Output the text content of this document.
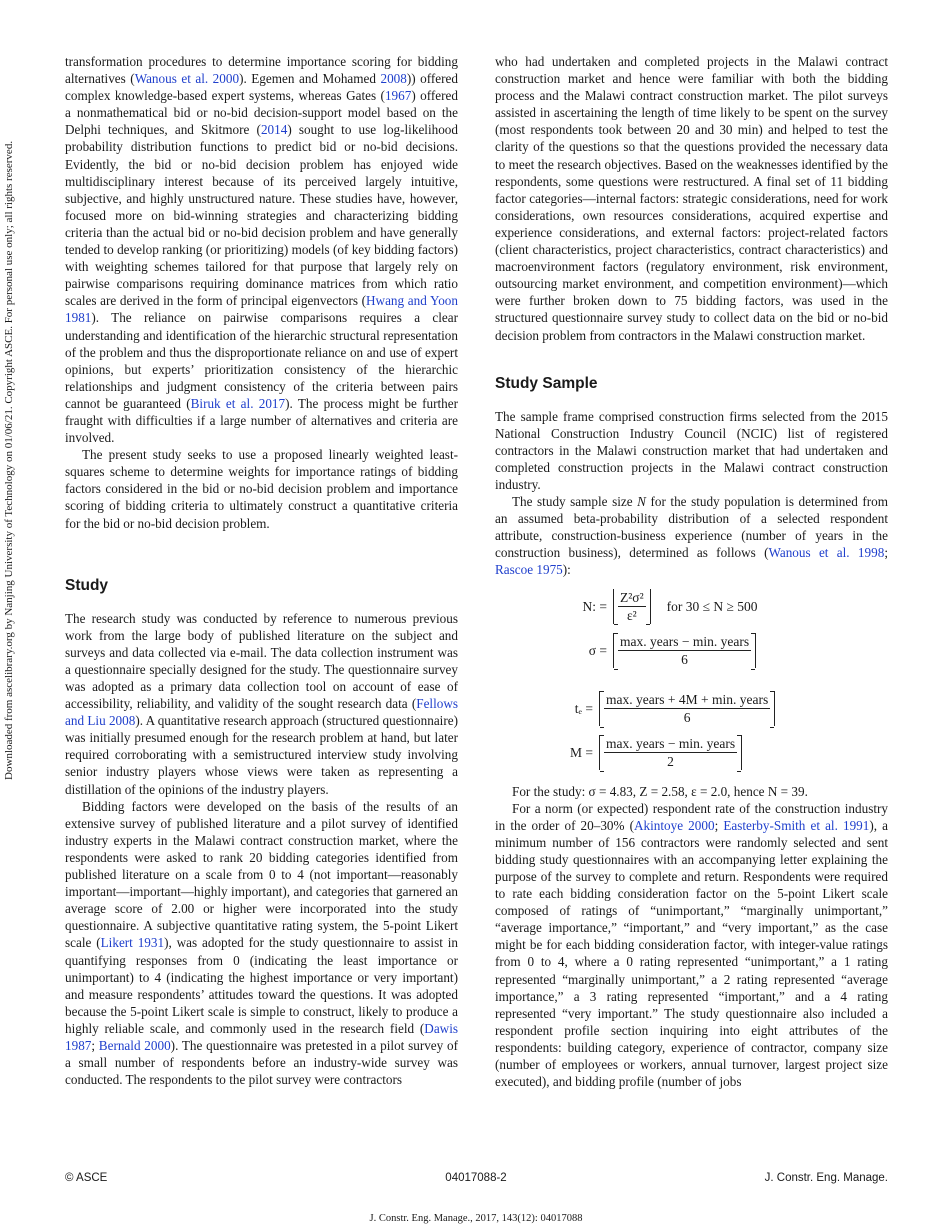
Downloaded from ascelibrary.org by Nanjing University of Technology on 01/06/21. Copyright ASCE. For personal use only; all rights reserved.

transformation procedures to determine importance scoring for bidding alternatives (Wanous et al. 2000). Egemen and Mohamed 2008)) offered complex knowledge-based expert systems, whereas Gates (1967) offered a nonmathematical bid or no-bid decision-support model based on the Delphi techniques, and Skitmore (2014) sought to use log-likelihood probability distribution functions to predict bid or no-bid decisions. Evidently, the bid or no-bid decision problem has enjoyed wide multidisciplinary interest because of its perceived largely intuitive, subjective, and highly unstructured nature. These studies have, however, focused more on bid-winning strategies and characterizing bidding criteria than the actual bid or no-bid decision problem and have generally tended to develop ranking (or prioritizing) models (of key bidding factors) with weighting schemes tailored for that purpose that largely rely on pairwise comparisons requiring dominance matrices from which ratio scales are derived in the form of principal eigenvectors (Hwang and Yoon 1981). The reliance on pairwise comparisons requires a clear understanding and identification of the hierarchic structural representation of the problem and thus the disproportionate reliance on and use of expert opinions, but experts’ prioritization consistency of the hierarchic relationships and judgment consistency of the criteria between pairs cannot be guaranteed (Biruk et al. 2017). The process might be further fraught with difficulties if a large number of alternatives and criteria are involved.

The present study seeks to use a proposed linearly weighted least-squares scheme to determine weights for importance ratings of bidding factors considered in the bid or no-bid decision problem and importance scoring of bidding criteria to ultimately construct a quantitative criteria for the bid or no-bid decision problem.

Study

The research study was conducted by reference to numerous previous work from the large body of published literature on the subject and surveys and data collected via e-mail. The data collection instrument was a questionnaire specially designed for the study. The questionnaire survey was adopted as a primary data collection tool on account of ease of accessibility, reliability, and validity of the sought research data (Fellows and Liu 2008). A quantitative research approach (structured questionnaire) was initially presumed enough for the research problem at hand, but later required corroborating with a semistructured interview study involving senior industry players whose views were taken as representing a distillation of the opinions of the industry players.

Bidding factors were developed on the basis of the results of an extensive survey of published literature and a pilot survey of identified industry experts in the Malawi contract construction market, where the respondents were asked to rank 20 bidding categories identified from published literature on a scale from 0 to 4 (not important—reasonably important—important—highly important), and categories that garnered an average score of 2.00 or higher were incorporated into the study questionnaire. A subjective quantitative rating system, the 5-point Likert scale (Likert 1931), was adopted for the study questionnaire to assist in quantifying responses from 0 (indicating the least importance or unimportant) to 4 (indicating the highest importance or very important) and measure respondents’ attitudes toward the questions. It was adopted because the 5-point Likert scale is simple to construct, likely to produce a highly reliable scale, and commonly used in the research field (Dawis 1987; Bernald 2000). The questionnaire was pretested in a pilot survey of a small number of respondents before an industry-wide survey was conducted. The respondents to the pilot survey were contractors

who had undertaken and completed projects in the Malawi contract construction market and hence were familiar with both the bidding process and the Malawi contract construction market. The pilot surveys assisted in ascertaining the length of time likely to be spent on the survey (most respondents took between 20 and 30 min) and helped to test the clarity of the questions so that the questions provided the necessary data to meet the research objectives. Based on the weaknesses identified by the respondents, some questions were restructured. A final set of 11 bidding factor categories—internal factors: strategic considerations, need for work considerations, own resources considerations, acquired expertise and experience considerations, and external factors: project-related factors (client characteristics, project characteristics, contract characteristics) and macroenvironment factors (regulatory environment, risk environment, outsourcing market environment, and competition environment)—which were further broken down to 75 bidding factors, was used in the structured questionnaire survey study to collect data on the bid or no-bid decision problem from contractors in the Malawi construction market.

Study Sample

The sample frame comprised construction firms selected from the 2015 National Construction Industry Council (NCIC) list of registered contractors in the Malawi construction market that had undertaken and completed construction projects in the Malawi contract construction industry.

The study sample size N for the study population is determined from an assumed beta-probability distribution of a selected respondent attribute, construction-business experience (number of years in the construction business), determined as follows (Wanous et al. 1998; Rascoe 1975):

N: = $\frac{\text{Z²σ²}}{\text{ε²}}$ for 30 ≤ N ≥ 500
$\sigma = \frac{\text{max. years − min. years}}{6}$
$t_e = \frac{\text{max. years + 4M + min. years}}{6}$
$M = \frac{\text{max. years − min. years}}{2}$

For the study: σ = 4.83, Z = 2.58, ε = 2.0, hence N = 39.

For a norm (or expected) respondent rate of the construction industry in the order of 20–30% (Akintoye 2000; Easterby-Smith et al. 1991), a minimum number of 156 contractors were randomly selected and sent bidding study questionnaires with an accompanying letter explaining the purpose of the survey to complete and return. Respondents were required to rate each bidding consideration factor on the 5-point Likert scale composed of ratings of “unimportant,” “marginally unimportant,” “average importance,” “important,” and “very important,” as the case might be for each bidding consideration factor, with integer-value ratings from 0 to 4, where a 0 rating represented “unimportant,” a 1 rating represented “marginally unimportant,” a 2 rating represented “average importance,” a 3 rating represented “important,” and a 4 rating represented “very important.” The study questionnaire also included a respondent profile section inquiring into eight attributes of the respondents: building category, experience of contractor, company size (number of employees or workers, annual turnover, largest project size executed), and bidding profile (number of jobs

04017088-2
© ASCE	J. Constr. Eng. Manage.
J. Constr. Eng. Manage., 2017, 143(12): 04017088
